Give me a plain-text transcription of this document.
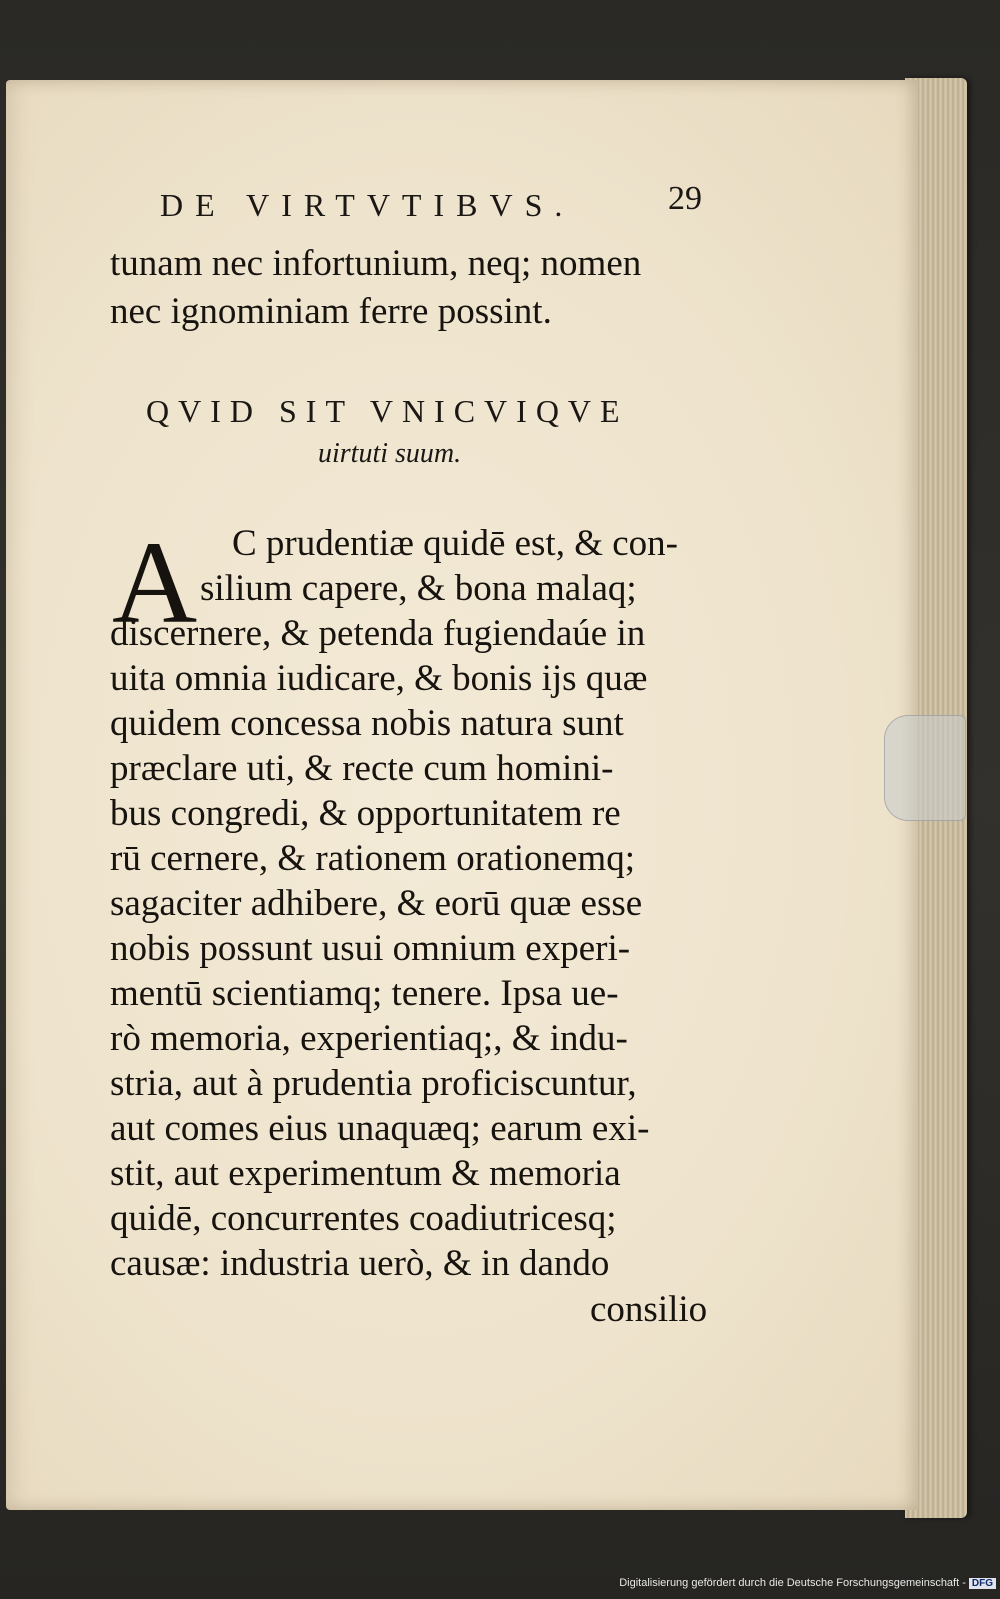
DE VIRTVTIBVS.	29
tunam nec infortunium, neq; nomen
nec ignominiam ferre possint.
QVID SIT VNICVIQVE
uirtuti suum.
A C prudentiæ quidē est, & con-
silium capere, & bona malaq;
discernere, & petenda fugiendaúe in
uita omnia iudicare, & bonis ijs quæ
quidem concessa nobis natura sunt
præclare uti, & recte cum homini-
bus congredi, & opportunitatem re
rū cernere, & rationem orationemq;
sagaciter adhibere, & eorū quæ esse
nobis possunt usui omnium experi-
mentū scientiamq; tenere. Ipsa ue-
rò memoria, experientiaq;, & indu-
stria, aut à prudentia proficiscuntur,
aut comes eius unaquæq; earum exi-
stit, aut experimentum & memoria
quidē, concurrentes coadiutricesq;
causæ: industria uerò, & in dando
consilio
Digitalisierung gefördert durch die Deutsche Forschungsgemeinschaft - DFG
